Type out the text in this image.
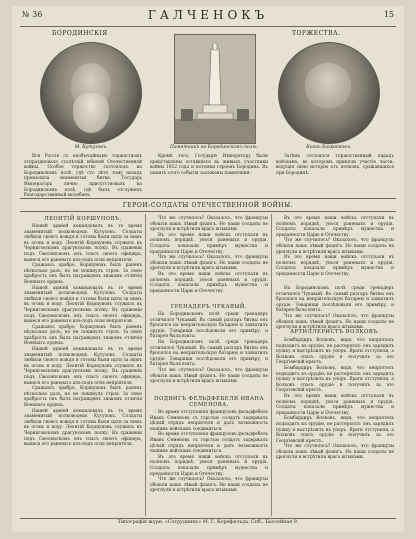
№ 36	ГАЛЧЕНОКЪ	15
БОРОДИНСКІЯ	ТОРЖЕСТВА.
М. Кутузовъ.	Памятникъ на Бородинскомъ полѣ.	Князь Багратіонъ.

Вся Россія съ необычайнымъ торжествомъ отпраздновала столѣтній юбилей Отечественной войны. Особое торжество состоялось на Бородинскомъ полѣ, гдѣ сто лѣтъ тому назадъ произошла знаменитая битва. Государь Императоръ лично присутствовалъ на Бородинскомъ полѣ, гдѣ былъ отслуженъ благодарственный молебенъ.

Кромѣ того, Государю Императору были представлены оставшіеся въ живыхъ участники войны 1812 года и потомки героевъ Бородина. Въ память этого событія заложены памятники.

Затѣмъ состоялся торжественный парадъ войскамъ, въ которомъ приняли участіе части, ведущія свою исторію отъ полковъ, сражавшихся при Бородинѣ.

ГЕРОИ-СОЛДАТЫ ОТЕЧЕСТВЕННОЙ ВОЙНЫ.
ЛЕОНТІЙ КОРШУНОВЪ.

Нашей армiей командовалъ въ то время знаменитый полководецъ Кутузовъ. Солдаты любили своего вождя и готовы были идти за нимъ въ огонь и воду. Леонтій Коршуновъ служилъ въ Черниговскомъ драгунскомъ полку. Въ сраженіи подъ Смоленскомъ онъ спасъ своего офицера, вынеся его раненаго изъ-подъ огня непріятеля.

Сражаясь храбро, Коршуновъ былъ раненъ нѣсколько разъ, но не покинулъ строя. За свою храбрость онъ былъ награжденъ знакомъ отличія Военнаго ордена.

Нашей армiей командовалъ въ то время знаменитый полководецъ Кутузовъ. Солдаты любили своего вождя и готовы были идти за нимъ въ огонь и воду. Леонтій Коршуновъ служилъ въ Черниговскомъ драгунскомъ полку. Въ сраженіи подъ Смоленскомъ онъ спасъ своего офицера, вынеся его раненаго изъ-подъ огня непріятеля.

Сражаясь храбро, Коршуновъ былъ раненъ нѣсколько разъ, но не покинулъ строя. За свою храбрость онъ былъ награжденъ знакомъ отличія Военнаго ордена.

Нашей армiей командовалъ въ то время знаменитый полководецъ Кутузовъ. Солдаты любили своего вождя и готовы были идти за нимъ въ огонь и воду. Леонтій Коршуновъ служилъ въ Черниговскомъ драгунскомъ полку. Въ сраженіи подъ Смоленскомъ онъ спасъ своего офицера, вынеся его раненаго изъ-подъ огня непріятеля.

Сражаясь храбро, Коршуновъ былъ раненъ нѣсколько разъ, но не покинулъ строя. За свою храбрость онъ былъ награжденъ знакомъ отличія Военнаго ордена.

Нашей армiей командовалъ въ то время знаменитый полководецъ Кутузовъ. Солдаты любили своего вождя и готовы были идти за нимъ въ огонь и воду. Леонтій Коршуновъ служилъ въ Черниговскомъ драгунскомъ полку. Въ сраженіи подъ Смоленскомъ онъ спасъ своего офицера, вынеся его раненаго изъ-подъ огня непріятеля.

Что же случилось? Оказалось, что французы обошли нашъ лѣвый флангъ. Но наши солдаты не дрогнули и встрѣтили врага штыками.

Въ это время наши войска отступали въ полномъ порядкѣ, унося раненыхъ и орудія. Солдаты показали примѣръ мужества и преданности Царю и Отечеству.

Что же случилось? Оказалось, что французы обошли нашъ лѣвый флангъ. Но наши солдаты не дрогнули и встрѣтили врага штыками.

Въ это время наши войска отступали въ полномъ порядкѣ, унося раненыхъ и орудія. Солдаты показали примѣръ мужества и преданности Царю и Отечеству.

ГРЕНАДЕРЪ ЧУКАВЫЙ.

На Бородинскомъ полѣ среди гренадеръ отличился Чукавый. Въ самый разгаръ битвы онъ бросился на непріятельскую батарею и захватилъ орудіе. Товарищи послѣдовали его примѣру, и батарея была взята.

На Бородинскомъ полѣ среди гренадеръ отличился Чукавый. Въ самый разгаръ битвы онъ бросился на непріятельскую батарею и захватилъ орудіе. Товарищи послѣдовали его примѣру, и батарея была взята.

Что же случилось? Оказалось, что французы обошли нашъ лѣвый флангъ. Но наши солдаты не дрогнули и встрѣтили врага штыками.

ПОДВИГЪ ФЕЛЬДФЕБЕЛЯ ИВАНА СЕМЕНОВА.

Во время отступленія французовъ фельдфебель Иванъ Семеновъ съ горстью солдатъ задержалъ цѣлый отрядъ непріятеля и далъ возможность нашимъ войскамъ соединиться.

Во время отступленія французовъ фельдфебель Иванъ Семеновъ съ горстью солдатъ задержалъ цѣлый отрядъ непріятеля и далъ возможность нашимъ войскамъ соединиться.

Въ это время наши войска отступали въ полномъ порядкѣ, унося раненыхъ и орудія. Солдаты показали примѣръ мужества и преданности Царю и Отечеству.

Что же случилось? Оказалось, что французы обошли нашъ лѣвый флангъ. Но наши солдаты не дрогнули и встрѣтили врага штыками.

Въ это время наши войска отступали въ полномъ порядкѣ, унося раненыхъ и орудія. Солдаты показали примѣръ мужества и преданности Царю и Отечеству.

Что же случилось? Оказалось, что французы обошли нашъ лѣвый флангъ. Но наши солдаты не дрогнули и встрѣтили врага штыками.

Въ это время наши войска отступали въ полномъ порядкѣ, унося раненыхъ и орудія. Солдаты показали примѣръ мужества и преданности Царю и Отечеству.

На Бородинскомъ полѣ среди гренадеръ отличился Чукавый. Въ самый разгаръ битвы онъ бросился на непріятельскую батарею и захватилъ орудіе. Товарищи послѣдовали его примѣру, и батарея была взята.

Что же случилось? Оказалось, что французы обошли нашъ лѣвый флангъ. Но наши солдаты не дрогнули и встрѣтили врага штыками.

АРТИЛЛЕРИСТЪ ВОЛКОВЪ.

Бомбардиръ Волковъ, видя, что непріятель подходитъ къ орудію, не растерялся: онъ зарядилъ пушку и выстрѣлилъ въ упоръ. Враги отступили, а Волковъ спасъ орудіе и получилъ за это Георгіевскій крестъ.

Бомбардиръ Волковъ, видя, что непріятель подходитъ къ орудію, не растерялся: онъ зарядилъ пушку и выстрѣлилъ въ упоръ. Враги отступили, а Волковъ спасъ орудіе и получилъ за это Георгіевскій крестъ.

Въ это время наши войска отступали въ полномъ порядкѣ, унося раненыхъ и орудія. Солдаты показали примѣръ мужества и преданности Царю и Отечеству.

Бомбардиръ Волковъ, видя, что непріятель подходитъ къ орудію, не растерялся: онъ зарядилъ пушку и выстрѣлилъ въ упоръ. Враги отступили, а Волковъ спасъ орудіе и получилъ за это Георгіевскій крестъ.

Что же случилось? Оказалось, что французы обошли нашъ лѣвый флангъ. Но наши солдаты не дрогнули и встрѣтили врага штыками.

Типографія журн. «Сотрудникъ» М. Г. Корнфельда. Спб., Бассейная 9.
